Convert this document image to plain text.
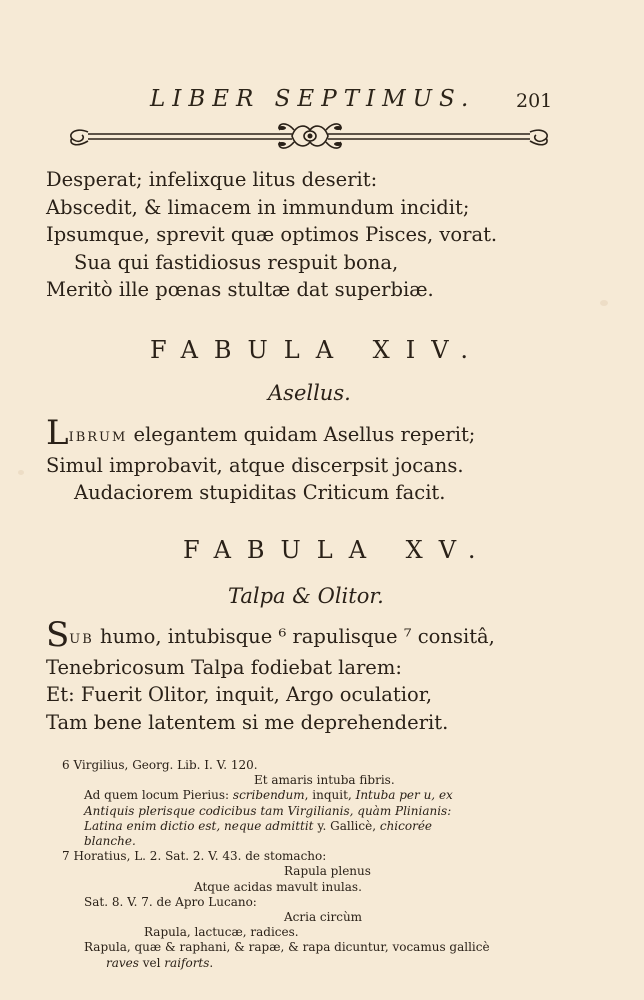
LIBER SEPTIMUS.	201
Desperat; infelixque litus deserit:
Abscedit, & limacem in immundum incidit;
Ipsumque, sprevit quæ optimos Pisces, vorat.
Sua qui fastidiosus respuit bona,
Meritò ille pœnas stultæ dat superbiæ.
FABULA XIV.
Asellus.
LIBRUM elegantem quidam Asellus reperit;
Simul improbavit, atque discerpsit jocans.
Audaciorem stupiditas Criticum facit.
FABULA XV.
Talpa & Olitor.
SUB humo, intubisque ⁶ rapulisque ⁷ consitâ,
Tenebricosum Talpa fodiebat larem:
Et: Fuerit Olitor, inquit, Argo oculatior,
Tam bene latentem si me deprehenderit.
6 Virgilius, Georg. Lib. I. V. 120.
Et amaris intuba fibris.
Ad quem locum Pierius: scribendum, inquit, Intuba per u, ex
Antiquis plerisque codicibus tam Virgilianis, quàm Plinianis:
Latina enim dictio est, neque admittit y. Gallicè, chicorée
blanche.
7 Horatius, L. 2. Sat. 2. V. 43. de stomacho:
Rapula plenus
Atque acidas mavult inulas.
Sat. 8. V. 7. de Apro Lucano:
Acria circùm
Rapula, lactucæ, radices.
Rapula, quæ & raphani, & rapæ, & rapa dicuntur, vocamus gallicè
raves vel raiforts.
